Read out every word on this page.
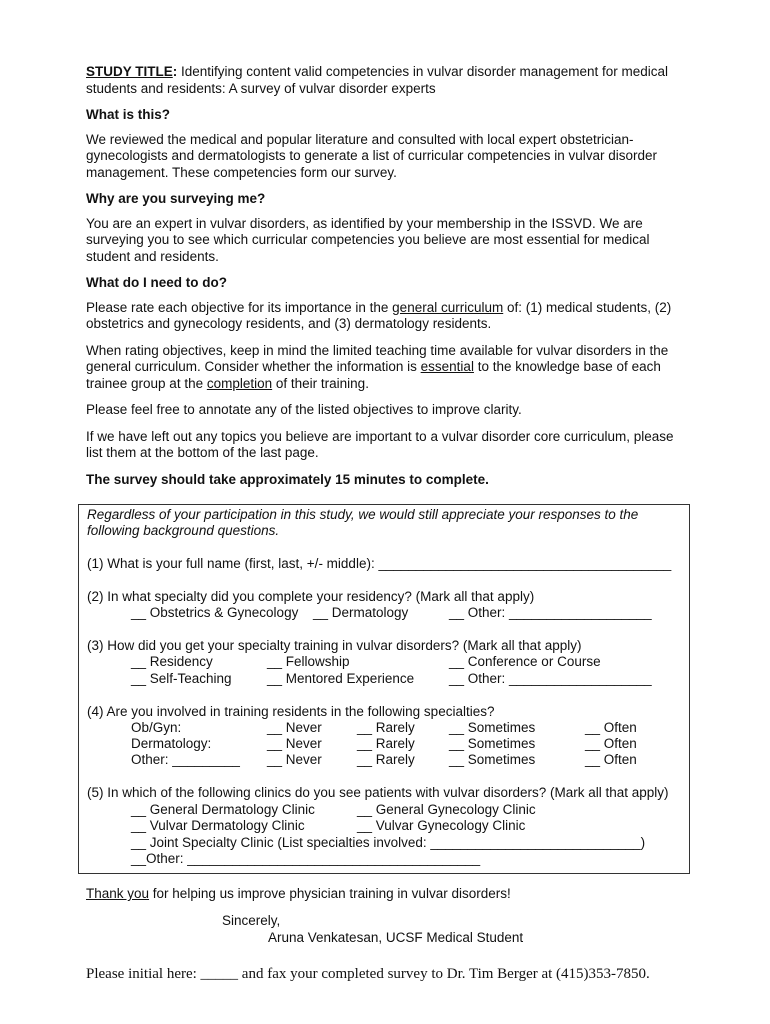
STUDY TITLE: Identifying content valid competencies in vulvar disorder management for medical
students and residents: A survey of vulvar disorder experts

What is this?

We reviewed the medical and popular literature and consulted with local expert obstetrician-gynecologists and dermatologists to generate a list of curricular competencies in vulvar disorder management. These competencies form our survey.

Why are you surveying me?

You are an expert in vulvar disorders, as identified by your membership in the ISSVD. We are surveying you to see which curricular competencies you believe are most essential for medical student and residents.

What do I need to do?

Please rate each objective for its importance in the general curriculum of: (1) medical students, (2) obstetrics and gynecology residents, and (3) dermatology residents.

When rating objectives, keep in mind the limited teaching time available for vulvar disorders in the general curriculum. Consider whether the information is essential to the knowledge base of each trainee group at the completion of their training.

Please feel free to annotate any of the listed objectives to improve clarity.

If we have left out any topics you believe are important to a vulvar disorder core curriculum, please list them at the bottom of the last page.

The survey should take approximately 15 minutes to complete.

Regardless of your participation in this study, we would still appreciate your responses to the
following background questions.
(1) What is your full name (first, last, +/- middle): _______________________________________
(2) In what specialty did you complete your residency? (Mark all that apply)
__ Obstetrics & Gynecology __ Dermatology	__ Other: ___________________
(3) How did you get your specialty training in vulvar disorders? (Mark all that apply)
__ Residency	__ Fellowship	__ Conference or Course
__ Self-Teaching	__ Mentored Experience	__ Other: ___________________
(4) Are you involved in training residents in the following specialties?
Ob/Gyn:	__ Never	__ Rarely	__ Sometimes	__ Often
Dermatology:	__ Never	__ Rarely	__ Sometimes	__ Often
Other: _________ __ Never	__ Rarely	__ Sometimes	__ Often
(5) In which of the following clinics do you see patients with vulvar disorders? (Mark all that apply)
__ General Dermatology Clinic	__ General Gynecology Clinic
__ Vulvar Dermatology Clinic	__ Vulvar Gynecology Clinic
__ Joint Specialty Clinic (List specialties involved: ____________________________)
__Other: _______________________________________
Thank you for helping us improve physician training in vulvar disorders!
Sincerely,
Aruna Venkatesan, UCSF Medical Student
Please initial here: _____ and fax your completed survey to Dr. Tim Berger at (415)353-7850.
